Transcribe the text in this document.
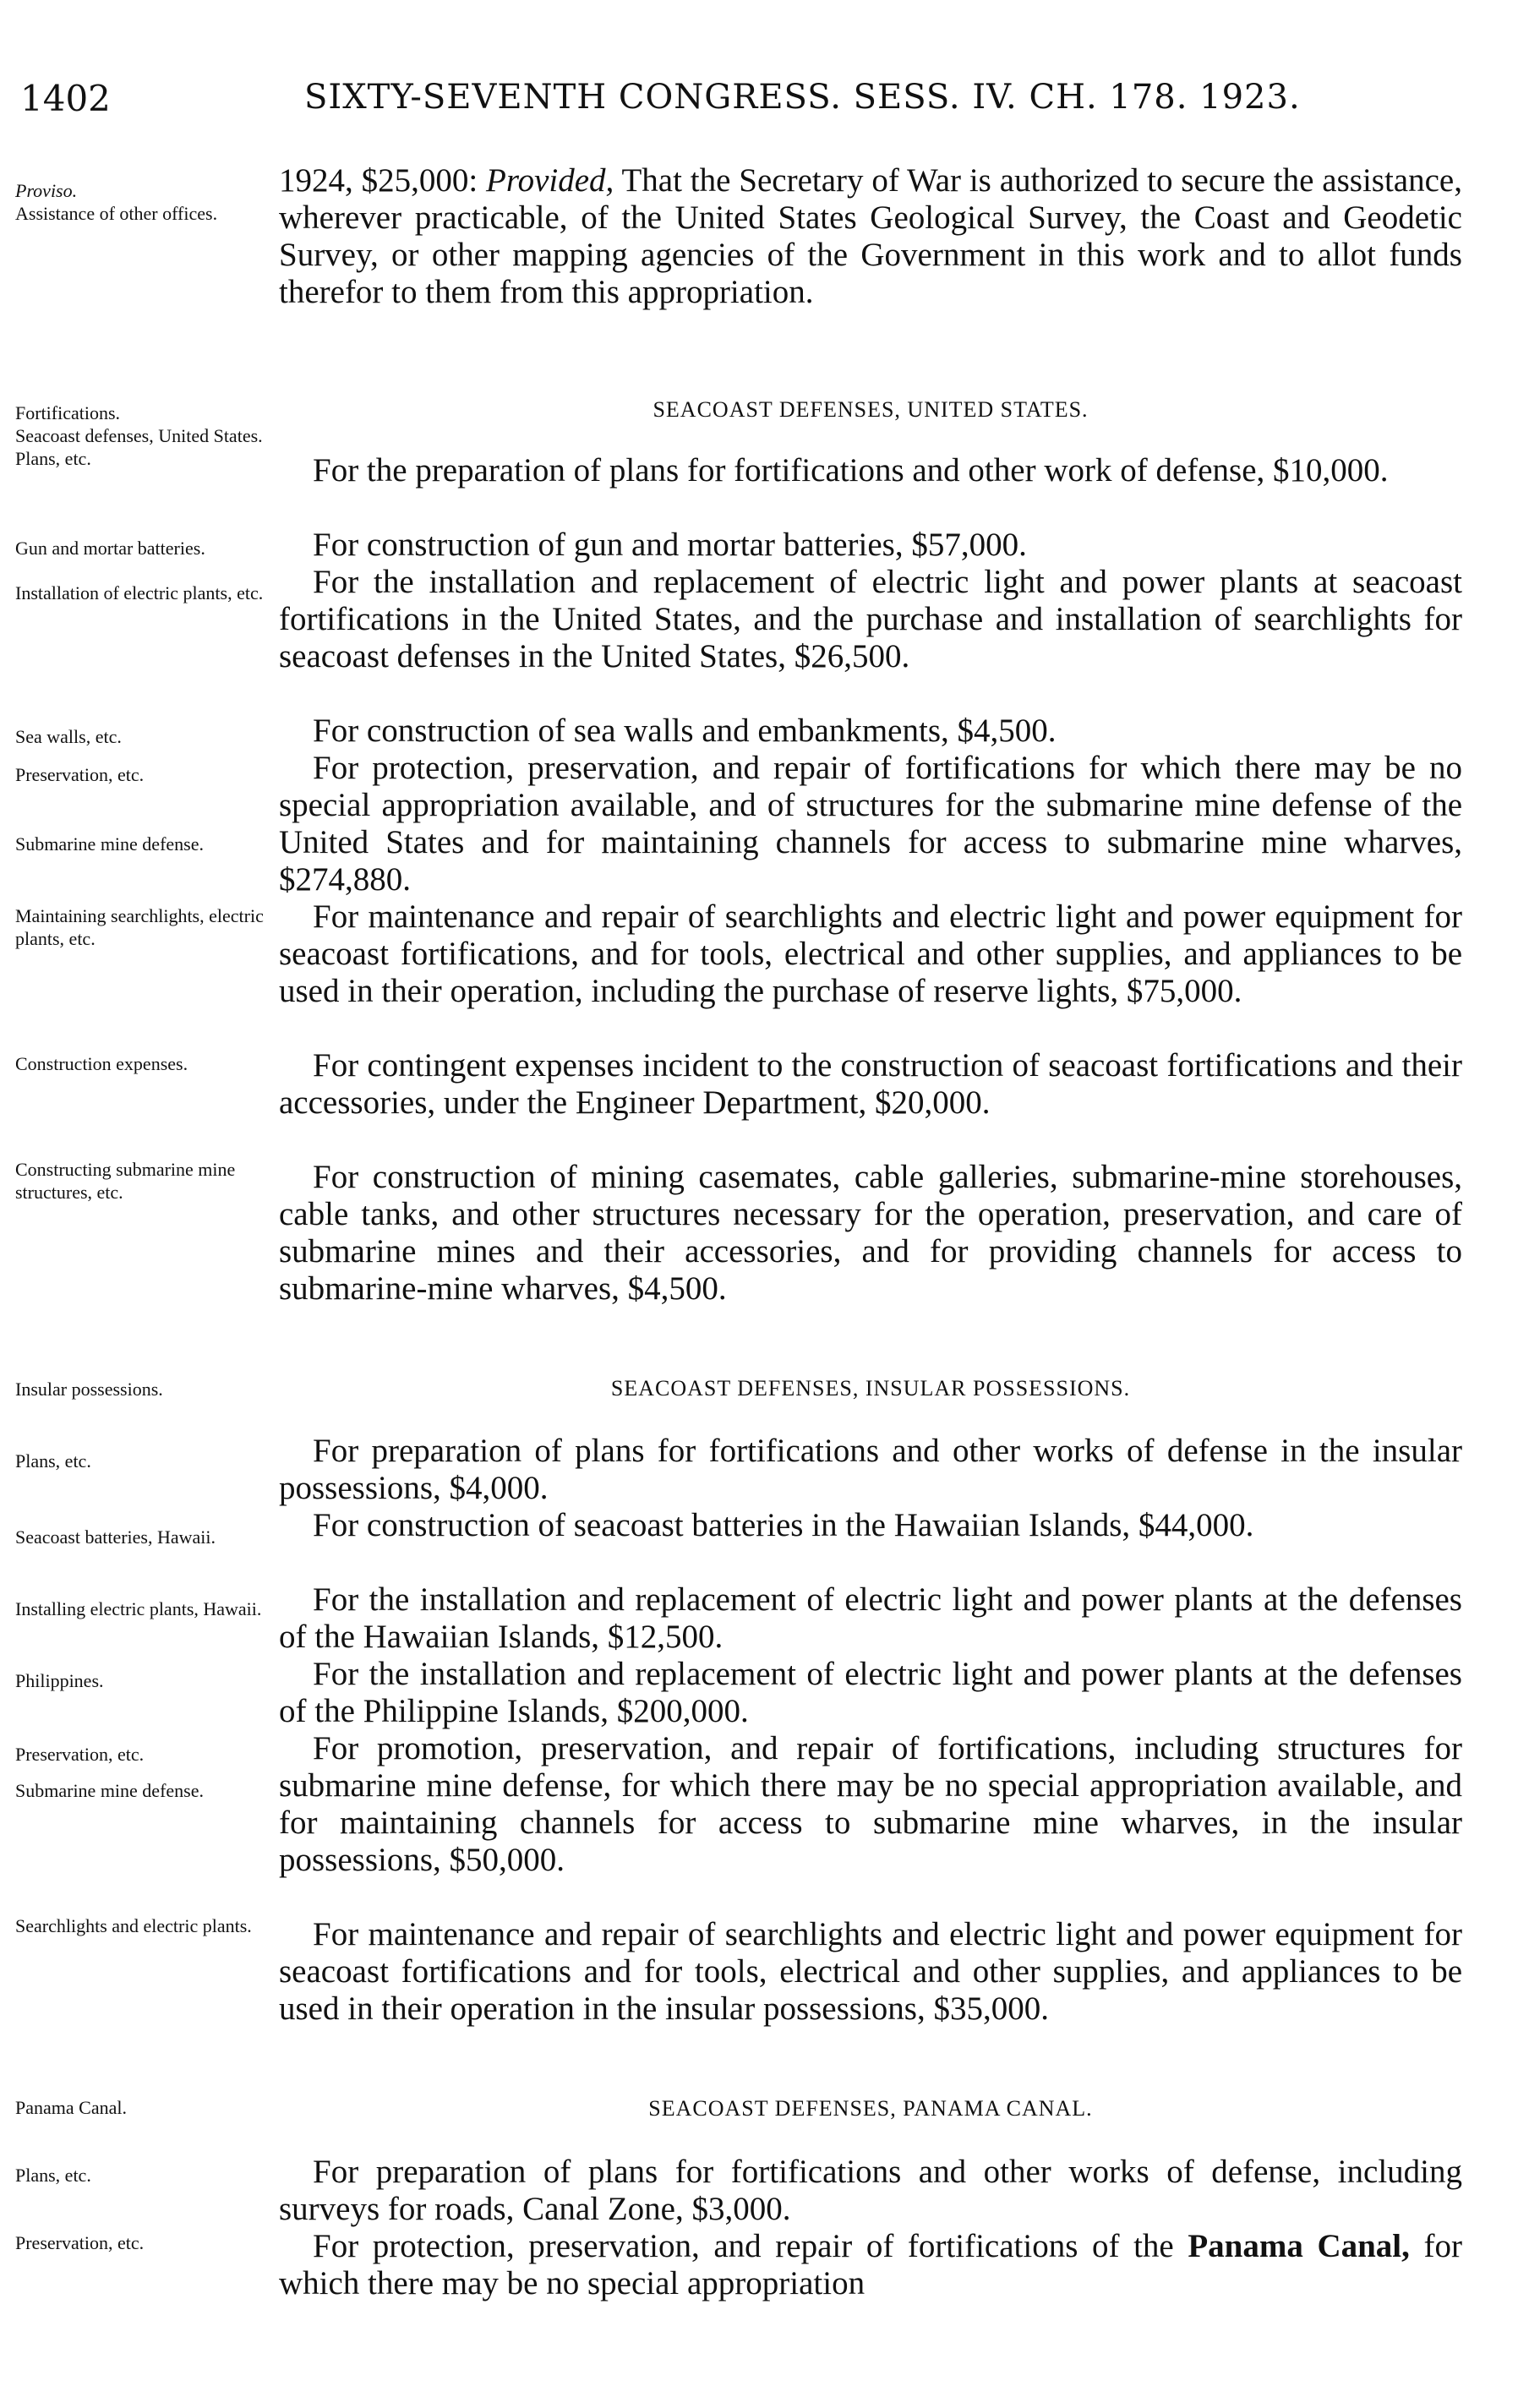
1402	SIXTY-SEVENTH CONGRESS. SESS. IV. CH. 178. 1923.
Proviso.
Assistance of other offices.
Fortifications.
Seacoast defenses, United States.
Plans, etc.
Gun and mortar batteries.
Installation of electric plants, etc.
Sea walls, etc.
Preservation, etc.
Submarine mine defense.
Maintaining searchlights, electric plants, etc.
Construction expenses.
Constructing submarine mine structures, etc.
Insular possessions.
Plans, etc.
Seacoast batteries, Hawaii.
Installing electric plants, Hawaii.
Philippines.
Preservation, etc.
Submarine mine defense.
Searchlights and electric plants.
Panama Canal.
Plans, etc.
Preservation, etc.
1924, $25,000: Provided, That the Secretary of War is authorized to secure the assistance, wherever practicable, of the United States Geological Survey, the Coast and Geodetic Survey, or other mapping agencies of the Government in this work and to allot funds therefor to them from this appropriation.
SEACOAST DEFENSES, UNITED STATES.
For the preparation of plans for fortifications and other work of defense, $10,000.
For construction of gun and mortar batteries, $57,000.
For the installation and replacement of electric light and power plants at seacoast fortifications in the United States, and the purchase and installation of searchlights for seacoast defenses in the United States, $26,500.
For construction of sea walls and embankments, $4,500.
For protection, preservation, and repair of fortifications for which there may be no special appropriation available, and of structures for the submarine mine defense of the United States and for maintaining channels for access to submarine mine wharves, $274,880.
For maintenance and repair of searchlights and electric light and power equipment for seacoast fortifications, and for tools, electrical and other supplies, and appliances to be used in their operation, including the purchase of reserve lights, $75,000.
For contingent expenses incident to the construction of seacoast fortifications and their accessories, under the Engineer Department, $20,000.
For construction of mining casemates, cable galleries, submarine-mine storehouses, cable tanks, and other structures necessary for the operation, preservation, and care of submarine mines and their accessories, and for providing channels for access to submarine-mine wharves, $4,500.
SEACOAST DEFENSES, INSULAR POSSESSIONS.
For preparation of plans for fortifications and other works of defense in the insular possessions, $4,000.
For construction of seacoast batteries in the Hawaiian Islands, $44,000.
For the installation and replacement of electric light and power plants at the defenses of the Hawaiian Islands, $12,500.
For the installation and replacement of electric light and power plants at the defenses of the Philippine Islands, $200,000.
For promotion, preservation, and repair of fortifications, including structures for submarine mine defense, for which there may be no special appropriation available, and for maintaining channels for access to submarine mine wharves, in the insular possessions, $50,000.
For maintenance and repair of searchlights and electric light and power equipment for seacoast fortifications and for tools, electrical and other supplies, and appliances to be used in their operation in the insular possessions, $35,000.
SEACOAST DEFENSES, PANAMA CANAL.
For preparation of plans for fortifications and other works of defense, including surveys for roads, Canal Zone, $3,000.
For protection, preservation, and repair of fortifications of the Panama Canal, for which there may be no special appropriation
